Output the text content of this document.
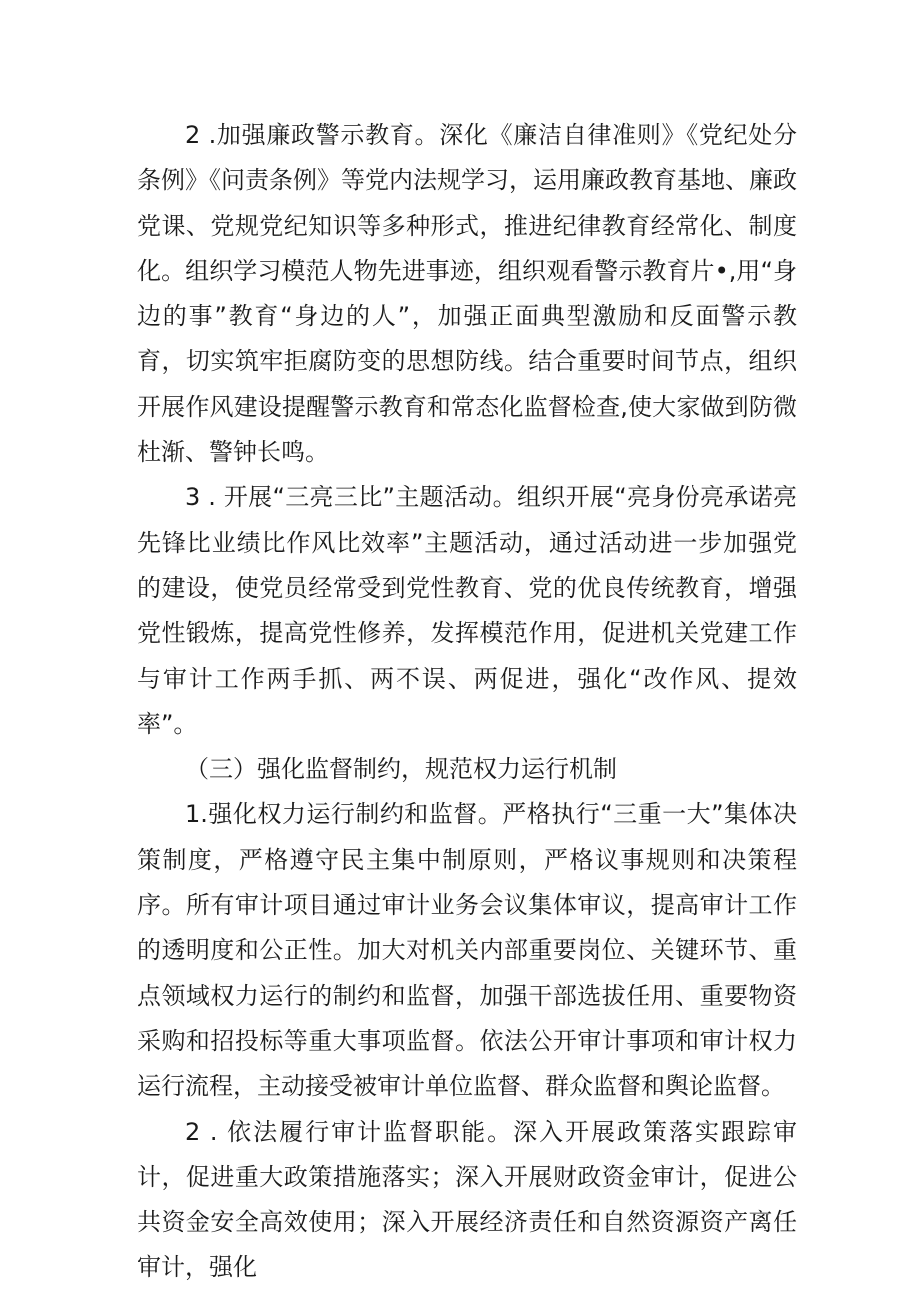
2 .加强廉政警示教育。深化《廉洁自律准则》《党纪处分条例》《问责条例》等党内法规学习，运用廉政教育基地、廉政党课、党规党纪知识等多种形式，推进纪律教育经常化、制度化。组织学习模范人物先进事迹，组织观看警示教育片•,用“身边的事”教育“身边的人”，加强正面典型激励和反面警示教育，切实筑牢拒腐防变的思想防线。结合重要时间节点，组织开展作风建设提醒警示教育和常态化监督检查,使大家做到防微杜渐、警钟长鸣。

3 . 开展“三亮三比”主题活动。组织开展“亮身份亮承诺亮先锋比业绩比作风比效率”主题活动，通过活动进一步加强党的建设，使党员经常受到党性教育、党的优良传统教育，增强党性锻炼，提高党性修养，发挥模范作用，促进机关党建工作与审计工作两手抓、两不误、两促进，强化“改作风、提效率”。

（三）强化监督制约，规范权力运行机制

1.强化权力运行制约和监督。严格执行“三重一大”集体决策制度，严格遵守民主集中制原则，严格议事规则和决策程序。所有审计项目通过审计业务会议集体审议，提高审计工作的透明度和公正性。加大对机关内部重要岗位、关键环节、重点领域权力运行的制约和监督，加强干部选拔任用、重要物资采购和招投标等重大事项监督。依法公开审计事项和审计权力运行流程，主动接受被审计单位监督、群众监督和舆论监督。

2 . 依法履行审计监督职能。深入开展政策落实跟踪审计，促进重大政策措施落实；深入开展财政资金审计，促进公共资金安全高效使用；深入开展经济责任和自然资源资产离任审计，强化
